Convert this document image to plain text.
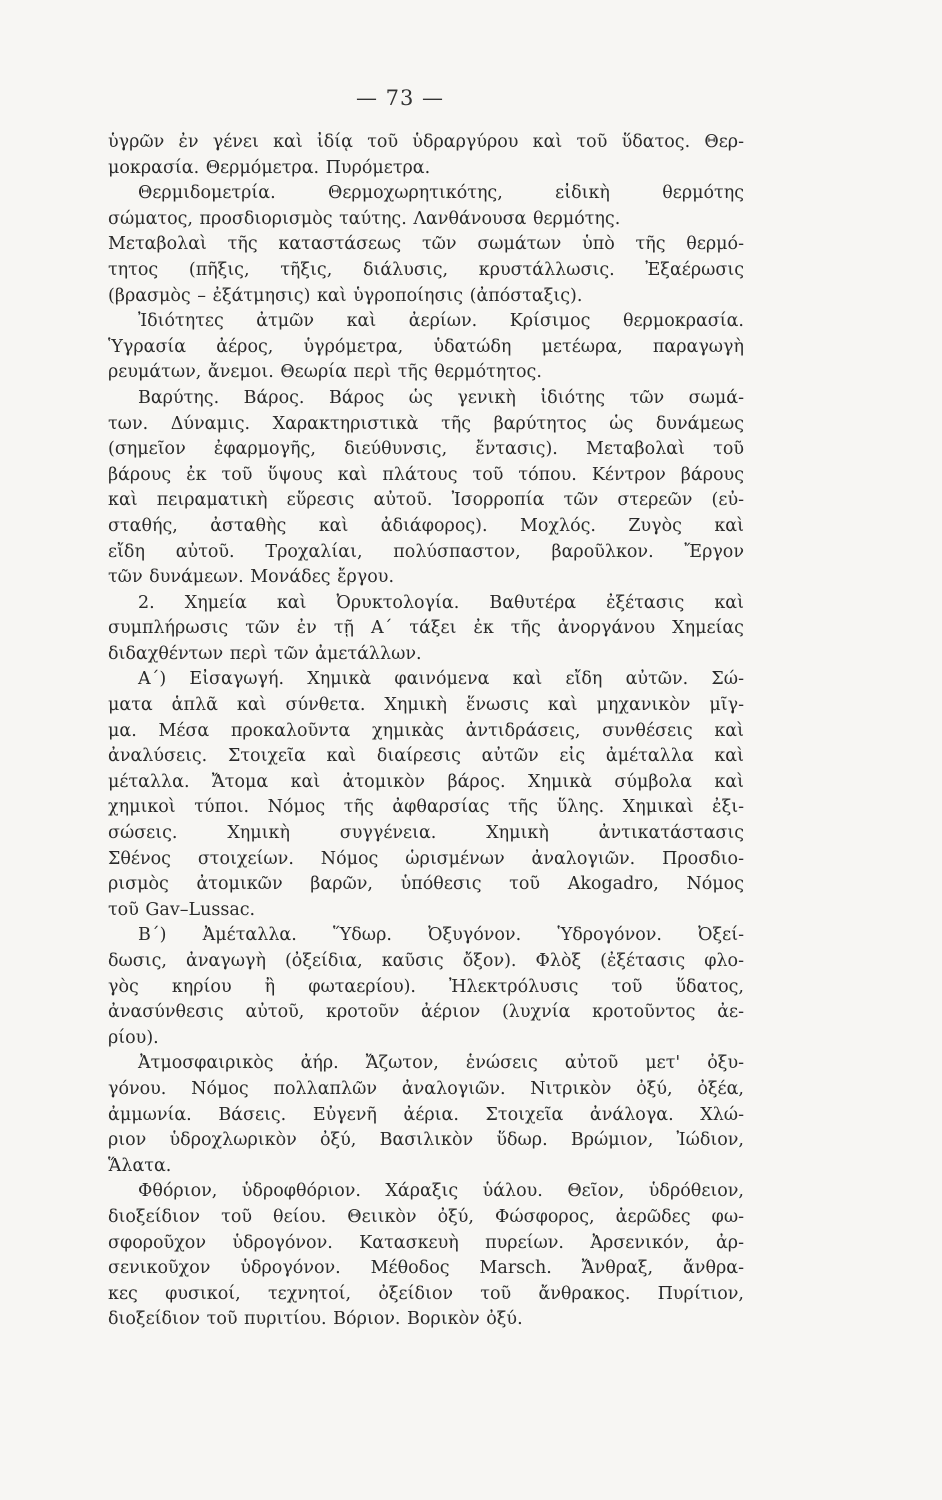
— 73 —
ὑγρῶν ἐν γένει καὶ ἰδίᾳ τοῦ ὑδραργύρου καὶ τοῦ ὕδατος. Θερ-
μοκρασία. Θερμόμετρα. Πυρόμετρα.
Θερμιδομετρία. Θερμοχωρητικότης, εἰδικὴ θερμότης
σώματος, προσδιορισμὸς ταύτης. Λανθάνουσα θερμότης.
Μεταβολαὶ τῆς καταστάσεως τῶν σωμάτων ὑπὸ τῆς θερμό-
τητος (πῆξις, τῆξις, διάλυσις, κρυστάλλωσις. Ἐξαέρωσις
(βρασμὸς – ἐξάτμησις) καὶ ὑγροποίησις (ἀπόσταξις).
Ἰδιότητες ἀτμῶν καὶ ἀερίων. Κρίσιμος θερμοκρασία.
Ὑγρασία ἀέρος, ὑγρόμετρα, ὑδατώδη μετέωρα, παραγωγὴ
ρευμάτων, ἄνεμοι. Θεωρία περὶ τῆς θερμότητος.
Βαρύτης. Βάρος. Βάρος ὡς γενικὴ ἰδιότης τῶν σωμά-
των. Δύναμις. Χαρακτηριστικὰ τῆς βαρύτητος ὡς δυνάμεως
(σημεῖον ἐφαρμογῆς, διεύθυνσις, ἔντασις). Μεταβολαὶ τοῦ
βάρους ἐκ τοῦ ὕψους καὶ πλάτους τοῦ τόπου. Κέντρον βάρους
καὶ πειραματικὴ εὕρεσις αὐτοῦ. Ἰσορροπία τῶν στερεῶν (εὐ-
σταθής, ἀσταθὴς καὶ ἀδιάφορος). Μοχλός. Ζυγὸς καὶ
εἴδη αὐτοῦ. Τροχαλίαι, πολύσπαστον, βαροῦλκον. Ἔργον
τῶν δυνάμεων. Μονάδες ἔργου.
2. Χημεία καὶ Ὀρυκτολογία. Βαθυτέρα ἐξέτασις καὶ
συμπλήρωσις τῶν ἐν τῇ Α΄ τάξει ἐκ τῆς ἀνοργάνου Χημείας
διδαχθέντων περὶ τῶν ἀμετάλλων.
Α΄) Εἰσαγωγή. Χημικὰ φαινόμενα καὶ εἴδη αὐτῶν. Σώ-
ματα ἁπλᾶ καὶ σύνθετα. Χημικὴ ἕνωσις καὶ μηχανικὸν μῖγ-
μα. Μέσα προκαλοῦντα χημικὰς ἀντιδράσεις, συνθέσεις καὶ
ἀναλύσεις. Στοιχεῖα καὶ διαίρεσις αὐτῶν εἰς ἀμέταλλα καὶ
μέταλλα. Ἄτομα καὶ ἀτομικὸν βάρος. Χημικὰ σύμβολα καὶ
χημικοὶ τύποι. Νόμος τῆς ἀφθαρσίας τῆς ὕλης. Χημικαὶ ἐξι-
σώσεις. Χημικὴ συγγένεια. Χημικὴ ἀντικατάστασις
Σθένος στοιχείων. Νόμος ὡρισμένων ἀναλογιῶν. Προσδιο-
ρισμὸς ἀτομικῶν βαρῶν, ὑπόθεσις τοῦ Akogadro, Νόμος
τοῦ Gav–Lussac.
Β΄) Ἀμέταλλα. Ὕδωρ. Ὀξυγόνον. Ὑδρογόνον. Ὀξεί-
δωσις, ἀναγωγὴ (ὀξείδια, καῦσις ὄξον). Φλὸξ (ἐξέτασις φλο-
γὸς κηρίου ἢ φωταερίου). Ἠλεκτρόλυσις τοῦ ὕδατος,
ἀνασύνθεσις αὐτοῦ, κροτοῦν ἀέριον (λυχνία κροτοῦντος ἀε-
ρίου).
Ἀτμοσφαιρικὸς ἀήρ. Ἄζωτον, ἑνώσεις αὐτοῦ μετ' ὀξυ-
γόνου. Νόμος πολλαπλῶν ἀναλογιῶν. Νιτρικὸν ὀξύ, ὀξέα,
ἀμμωνία. Βάσεις. Εὐγενῆ ἀέρια. Στοιχεῖα ἀνάλογα. Χλώ-
ριον ὑδροχλωρικὸν ὀξύ, Βασιλικὸν ὕδωρ. Βρώμιον, Ἰώδιον,
Ἅλατα.
Φθόριον, ὑδροφθόριον. Χάραξις ὑάλου. Θεῖον, ὑδρόθειον,
διοξείδιον τοῦ θείου. Θειικὸν ὀξύ, Φώσφορος, ἀερῶδες φω-
σφοροῦχον ὑδρογόνον. Κατασκευὴ πυρείων. Ἀρσενικόν, ἀρ-
σενικοῦχον ὑδρογόνον. Μέθοδος Marsch. Ἄνθραξ, ἄνθρα-
κες φυσικοί, τεχνητοί, ὀξείδιον τοῦ ἄνθρακος. Πυρίτιον,
διοξείδιον τοῦ πυριτίου. Βόριον. Βορικὸν ὀξύ.
